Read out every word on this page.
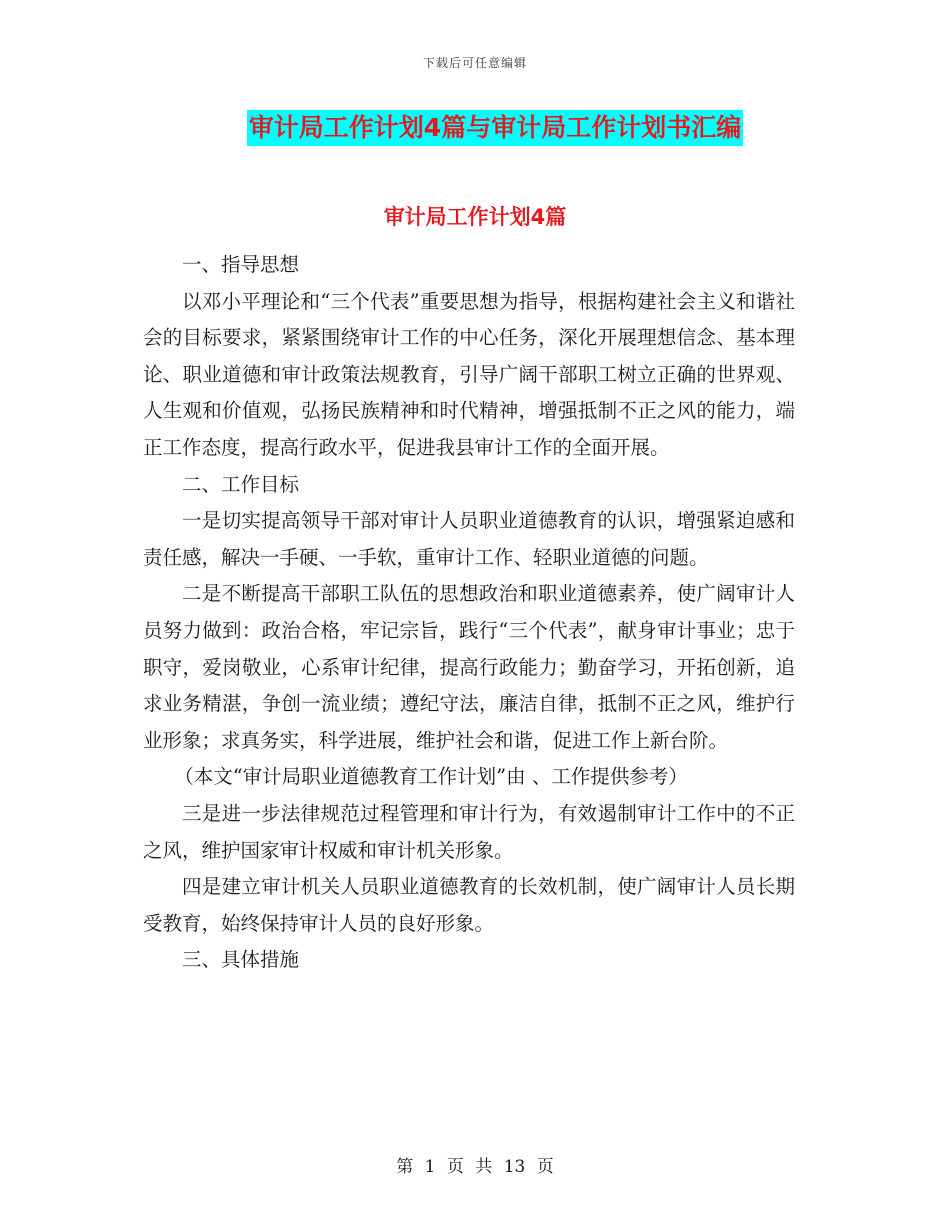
下载后可任意编辑
审计局工作计划4篇与审计局工作计划书汇编
审计局工作计划4篇

一、指导思想

以邓小平理论和“三个代表”重要思想为指导，根据构建社会主义和谐社会的目标要求，紧紧围绕审计工作的中心任务，深化开展理想信念、基本理论、职业道德和审计政策法规教育，引导广阔干部职工树立正确的世界观、人生观和价值观，弘扬民族精神和时代精神，增强抵制不正之风的能力，端正工作态度，提高行政水平，促进我县审计工作的全面开展。

二、工作目标

一是切实提高领导干部对审计人员职业道德教育的认识，增强紧迫感和责任感，解决一手硬、一手软，重审计工作、轻职业道德的问题。

二是不断提高干部职工队伍的思想政治和职业道德素养，使广阔审计人员努力做到：政治合格，牢记宗旨，践行“三个代表”，献身审计事业；忠于职守，爱岗敬业，心系审计纪律，提高行政能力；勤奋学习，开拓创新，追求业务精湛，争创一流业绩；遵纪守法，廉洁自律，抵制不正之风，维护行业形象；求真务实，科学进展，维护社会和谐，促进工作上新台阶。

（本文“审计局职业道德教育工作计划”由 、工作提供参考）

三是进一步法律规范过程管理和审计行为，有效遏制审计工作中的不正之风，维护国家审计权威和审计机关形象。

四是建立审计机关人员职业道德教育的长效机制，使广阔审计人员长期受教育，始终保持审计人员的良好形象。

三、具体措施

第 1 页 共 13 页
